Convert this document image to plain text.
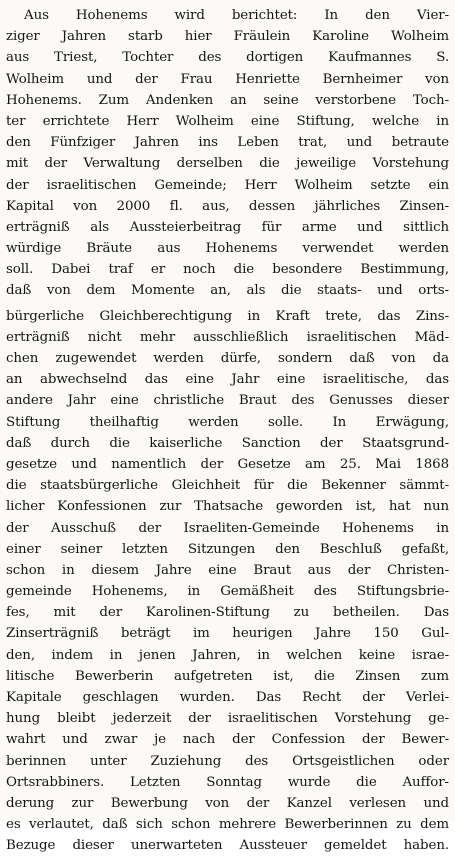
Aus Hohenems wird berichtet: In den Vier-
ziger Jahren starb hier Fräulein Karoline Wolheim
aus Triest, Tochter des dortigen Kaufmannes S.
Wolheim und der Frau Henriette Bernheimer von
Hohenems. Zum Andenken an seine verstorbene Toch-
ter errichtete Herr Wolheim eine Stiftung, welche in
den Fünfziger Jahren ins Leben trat, und betraute
mit der Verwaltung derselben die jeweilige Vorstehung
der israelitischen Gemeinde; Herr Wolheim setzte ein
Kapital von 2000 fl. aus, dessen jährliches Zinsen-
erträgniß als Aussteierbeitrag für arme und sittlich
würdige Bräute aus Hohenems verwendet werden
soll. Dabei traf er noch die besondere Bestimmung,
daß von dem Momente an, als die staats- und orts-
bürgerliche Gleichberechtigung in Kraft trete, das Zins-
erträgniß nicht mehr ausschließlich israelitischen Mäd-
chen zugewendet werden dürfe, sondern daß von da
an abwechselnd das eine Jahr eine israelitische, das
andere Jahr eine christliche Braut des Genusses dieser
Stiftung theilhaftig werden solle. In Erwägung,
daß durch die kaiserliche Sanction der Staatsgrund-
gesetze und namentlich der Gesetze am 25. Mai 1868
die staatsbürgerliche Gleichheit für die Bekenner sämmt-
licher Konfessionen zur Thatsache geworden ist, hat nun
der Ausschuß der Israeliten-Gemeinde Hohenems in
einer seiner letzten Sitzungen den Beschluß gefaßt,
schon in diesem Jahre eine Braut aus der Christen-
gemeinde Hohenems, in Gemäßheit des Stiftungsbrie-
fes, mit der Karolinen-Stiftung zu betheilen. Das
Zinserträgniß beträgt im heurigen Jahre 150 Gul-
den, indem in jenen Jahren, in welchen keine israe-
litische Bewerberin aufgetreten ist, die Zinsen zum
Kapitale geschlagen wurden. Das Recht der Verlei-
hung bleibt jederzeit der israelitischen Vorstehung ge-
wahrt und zwar je nach der Confession der Bewer-
berinnen unter Zuziehung des Ortsgeistlichen oder
Ortsrabbiners. Letzten Sonntag wurde die Auffor-
derung zur Bewerbung von der Kanzel verlesen und
es verlautet, daß sich schon mehrere Bewerberinnen zu dem
Bezuge dieser unerwarteten Aussteuer gemeldet haben.
